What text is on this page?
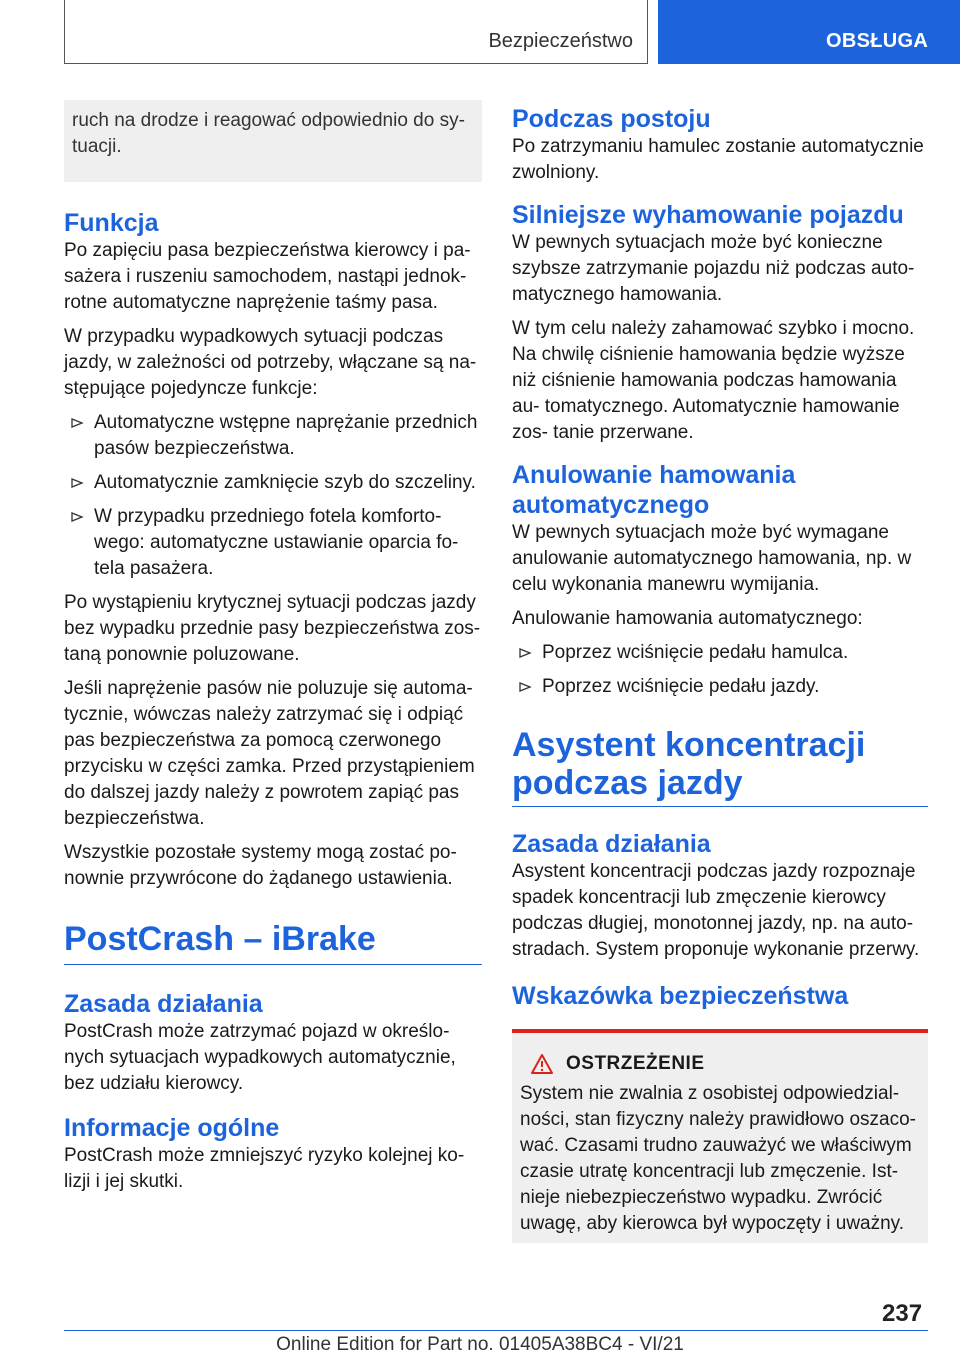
Bezpieczeństwo	OBSŁUGA

ruch na drodze i reagować odpowiednio do sy‐ tuacji.

Funkcja

Po zapięciu pasa bezpieczeństwa kierowcy i pa‐ sażera i ruszeniu samochodem, nastąpi jednok‐ rotne automatyczne naprężenie taśmy pasa.

W przypadku wypadkowych sytuacji podczas jazdy, w zależności od potrzeby, włączane są na‐ stępujące pojedyncze funkcje:

Automatyczne wstępne naprężanie przednich pasów bezpieczeństwa.
Automatycznie zamknięcie szyb do szczeliny.
W przypadku przedniego fotela komforto‐ wego: automatyczne ustawianie oparcia fo‐ tela pasażera.

Po wystąpieniu krytycznej sytuacji podczas jazdy bez wypadku przednie pasy bezpieczeństwa zos‐ taną ponownie poluzowane.

Jeśli naprężenie pasów nie poluzuje się automa‐ tycznie, wówczas należy zatrzymać się i odpiąć pas bezpieczeństwa za pomocą czerwonego przycisku w części zamka. Przed przystąpieniem do dalszej jazdy należy z powrotem zapiąć pas bezpieczeństwa.

Wszystkie pozostałe systemy mogą zostać po‐ nownie przywrócone do żądanego ustawienia.

PostCrash – iBrake
Zasada działania

PostCrash może zatrzymać pojazd w określo‐ nych sytuacjach wypadkowych automatycznie, bez udziału kierowcy.

Informacje ogólne

PostCrash może zmniejszyć ryzyko kolejnej ko‐ lizji i jej skutki.

Podczas postoju

Po zatrzymaniu hamulec zostanie automatycznie zwolniony.

Silniejsze wyhamowanie pojazdu

W pewnych sytuacjach może być konieczne szybsze zatrzymanie pojazdu niż podczas auto‐ matycznego hamowania.

W tym celu należy zahamować szybko i mocno. Na chwilę ciśnienie hamowania będzie wyższe niż ciśnienie hamowania podczas hamowania au‐ tomatycznego. Automatycznie hamowanie zos‐ tanie przerwane.

Anulowanie hamowania automatycznego

W pewnych sytuacjach może być wymagane anulowanie automatycznego hamowania, np. w celu wykonania manewru wymijania.

Anulowanie hamowania automatycznego:

Poprzez wciśnięcie pedału hamulca.
Poprzez wciśnięcie pedału jazdy.
Asystent koncentracji podczas jazdy
Zasada działania

Asystent koncentracji podczas jazdy rozpoznaje spadek koncentracji lub zmęczenie kierowcy podczas długiej, monotonnej jazdy, np. na auto‐ stradach. System proponuje wykonanie przerwy.

Wskazówka bezpieczeństwa
OSTRZEŻENIE

System nie zwalnia z osobistej odpowiedzial‐ ności, stan fizyczny należy prawidłowo oszaco‐ wać. Czasami trudno zauważyć we właściwym czasie utratę koncentracji lub zmęczenie. Ist‐ nieje niebezpieczeństwo wypadku. Zwrócić uwagę, aby kierowca był wypoczęty i uważny.

237
Online Edition for Part no. 01405A38BC4 - VI/21
